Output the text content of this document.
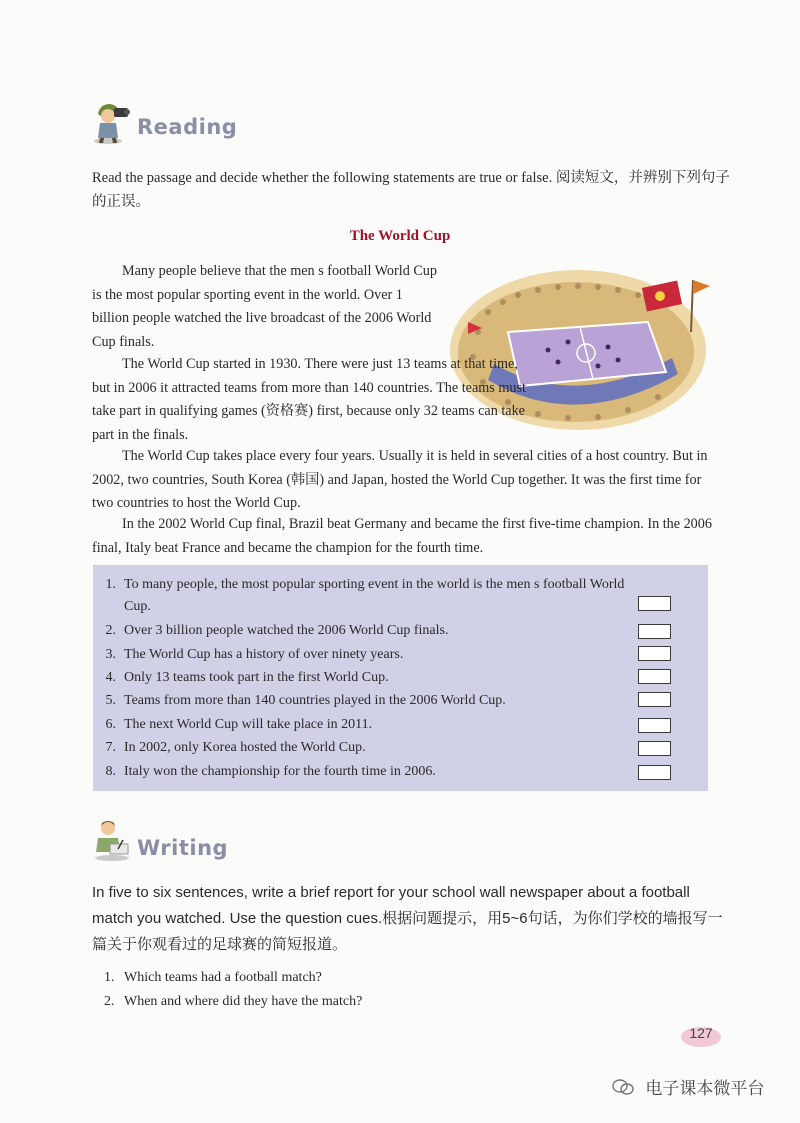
Reading
Read the passage and decide whether the following statements are true or false. 阅读短文，并辨别下列句子的正误。
The World Cup

Many people believe that the men s football World Cup is the most popular sporting event in the world. Over 1 billion people watched the live broadcast of the 2006 World Cup finals.

The World Cup started in 1930. There were just 13 teams at that time, but in 2006 it attracted teams from more than 140 countries. The teams must take part in qualifying games (资格赛) first, because only 32 teams can take part in the finals.

The World Cup takes place every four years. Usually it is held in several cities of a host country. But in 2002, two countries, South Korea (韩国) and Japan, hosted the World Cup together. It was the first time for two countries to host the World Cup.

In the 2002 World Cup final, Brazil beat Germany and became the first five-time champion. In the 2006 final, Italy beat France and became the champion for the fourth time.

1. To many people, the most popular sporting event in the world is the men s football World Cup.
2. Over 3 billion people watched the 2006 World Cup finals.
3. The World Cup has a history of over ninety years.
4. Only 13 teams took part in the first World Cup.
5. Teams from more than 140 countries played in the 2006 World Cup.
6. The next World Cup will take place in 2011.
7. In 2002, only Korea hosted the World Cup.
8. Italy won the championship for the fourth time in 2006.
Writing
In five to six sentences, write a brief report for your school wall newspaper about a football match you watched. Use the question cues.根据问题提示，用5~6句话，为你们学校的墙报写一篇关于你观看过的足球赛的简短报道。
1. Which teams had a football match?
2. When and where did they have the match?
127
电子课本微平台
